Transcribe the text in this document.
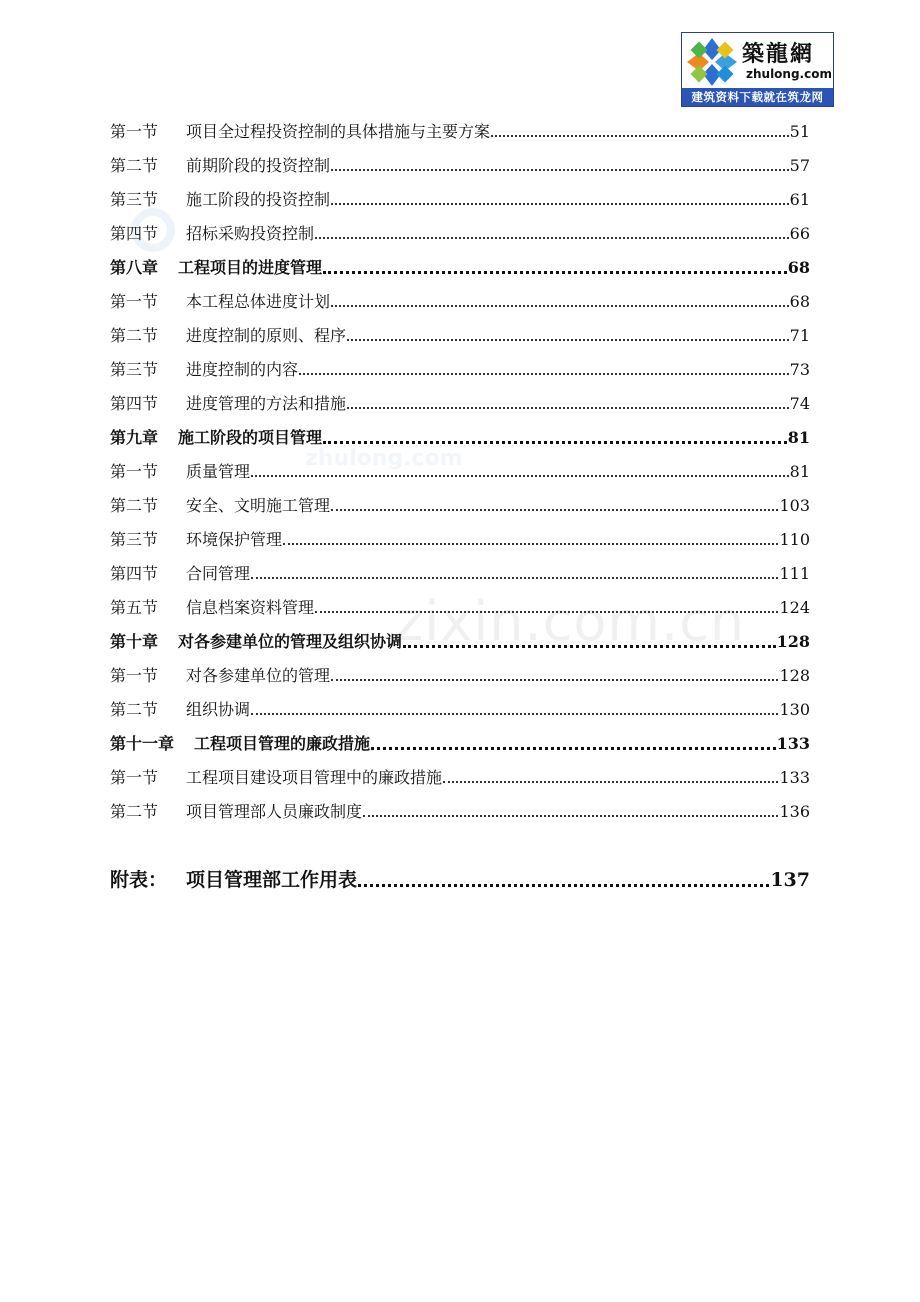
zhulong.com
zixin.com.cn
築龍網
zhulong.com
建筑资料下载就在筑龙网
第一节	项目全过程投资控制的具体措施与主要方案	51
第二节	前期阶段的投资控制	57
第三节	施工阶段的投资控制	61
第四节	招标采购投资控制	66
第八章 工程项目的进度管理	68
第一节	本工程总体进度计划	68
第二节	进度控制的原则、程序	71
第三节	进度控制的内容	73
第四节	进度管理的方法和措施	74
第九章 施工阶段的项目管理	81
第一节	质量管理	81
第二节	安全、文明施工管理	103
第三节	环境保护管理	110
第四节	合同管理	111
第五节	信息档案资料管理	124
第十章 对各参建单位的管理及组织协调	128
第一节	对各参建单位的管理	128
第二节	组织协调	130
第十一章 工程项目管理的廉政措施	133
第一节	工程项目建设项目管理中的廉政措施	133
第二节	项目管理部人员廉政制度	136
附表： 项目管理部工作用表	137
